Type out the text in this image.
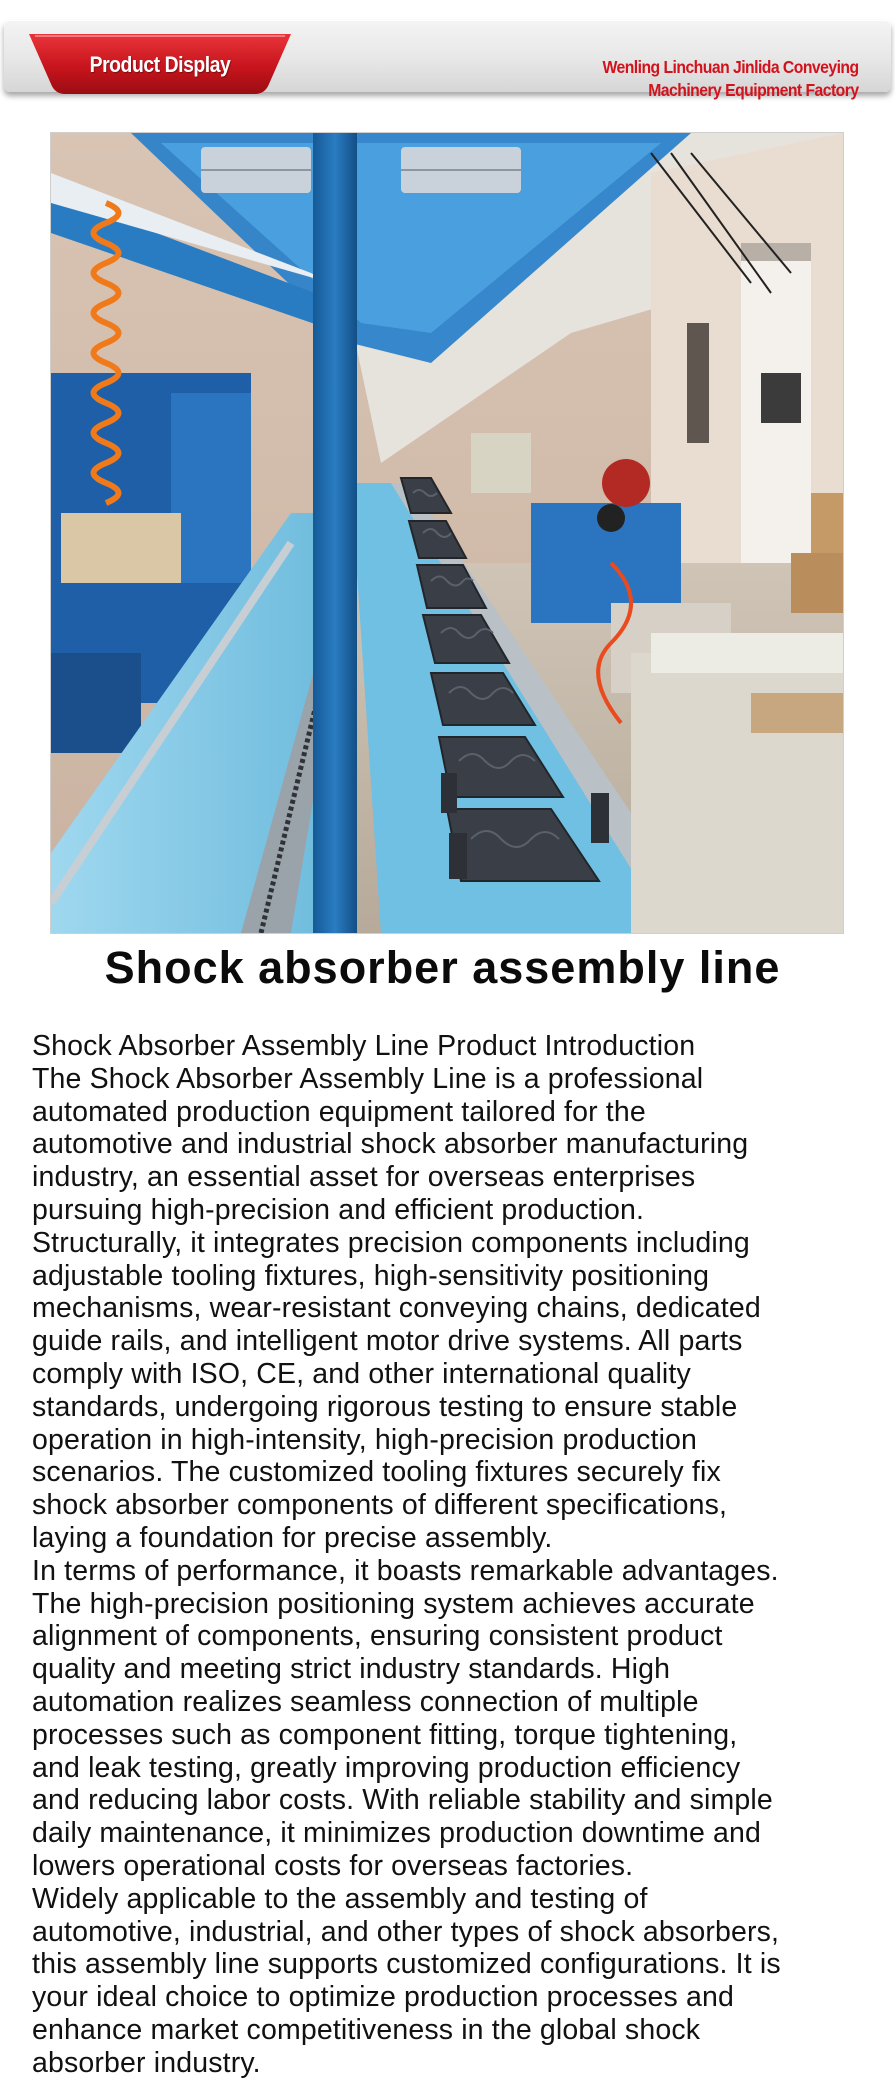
Product Display	Wenling Linchuan Jinlida Conveying
Machinery Equipment Factory
Shock absorber assembly line
Shock Absorber Assembly Line Product Introduction
The Shock Absorber Assembly Line is a professional
automated production equipment tailored for the
automotive and industrial shock absorber manufacturing
industry, an essential asset for overseas enterprises
pursuing high-precision and efficient production.
Structurally, it integrates precision components including
adjustable tooling fixtures, high-sensitivity positioning
mechanisms, wear-resistant conveying chains, dedicated
guide rails, and intelligent motor drive systems. All parts
comply with ISO, CE, and other international quality
standards, undergoing rigorous testing to ensure stable
operation in high-intensity, high-precision production
scenarios. The customized tooling fixtures securely fix
shock absorber components of different specifications,
laying a foundation for precise assembly.
In terms of performance, it boasts remarkable advantages.
The high-precision positioning system achieves accurate
alignment of components, ensuring consistent product
quality and meeting strict industry standards. High
automation realizes seamless connection of multiple
processes such as component fitting, torque tightening,
and leak testing, greatly improving production efficiency
and reducing labor costs. With reliable stability and simple
daily maintenance, it minimizes production downtime and
lowers operational costs for overseas factories.
Widely applicable to the assembly and testing of
automotive, industrial, and other types of shock absorbers,
this assembly line supports customized configurations. It is
your ideal choice to optimize production processes and
enhance market competitiveness in the global shock
absorber industry.
